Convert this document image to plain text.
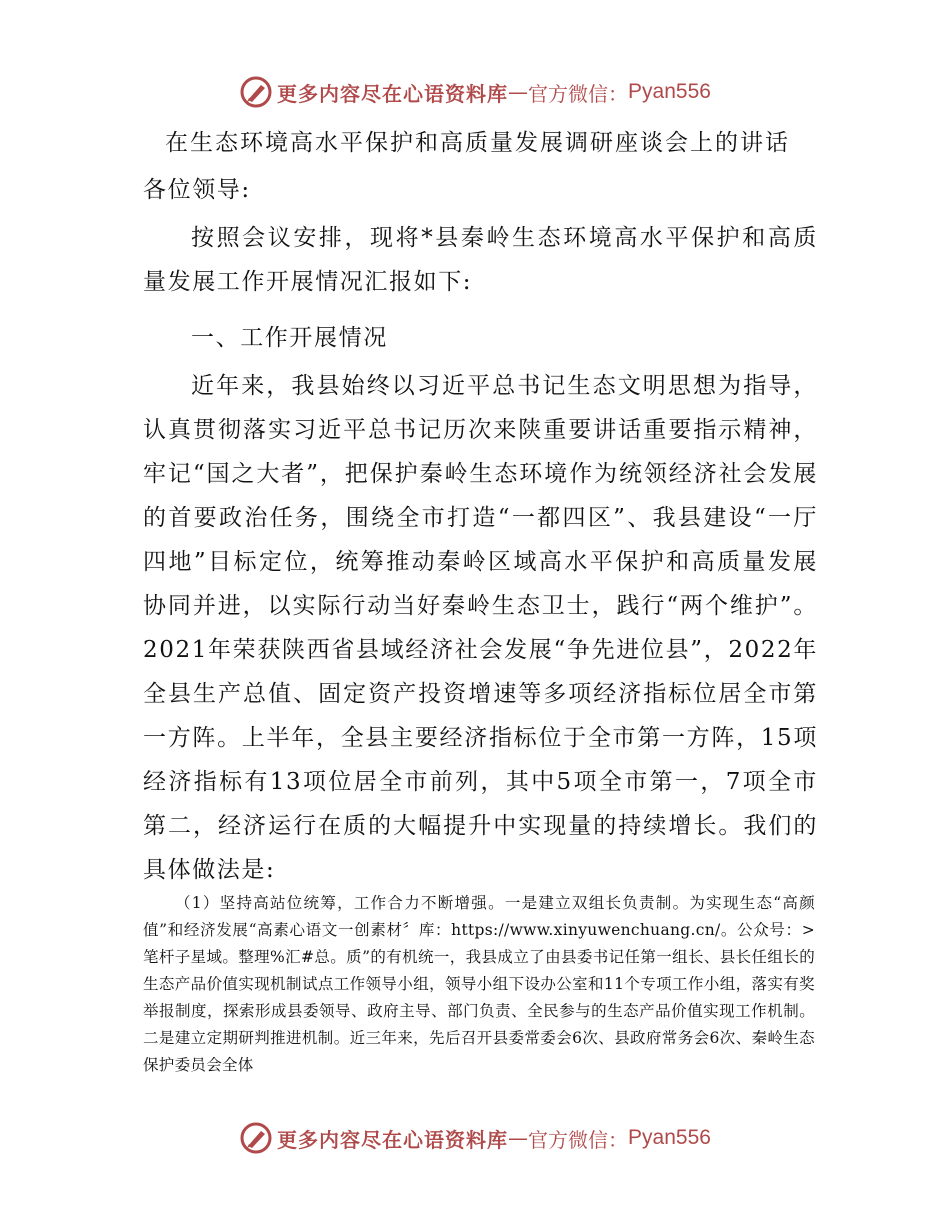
更多内容尽在心语资料库 — 官方微信： Pyan556
在生态环境高水平保护和高质量发展调研座谈会上的讲话
各位领导:
按照会议安排，现将*县秦岭生态环境高水平保护和高质量发展工作开展情况汇报如下:
一、工作开展情况
近年来，我县始终以习近平总书记生态文明思想为指导，认真贯彻落实习近平总书记历次来陕重要讲话重要指示精神，牢记“国之大者”，把保护秦岭生态环境作为统领经济社会发展的首要政治任务，围绕全市打造“一都四区”、我县建设“一厅四地”目标定位，统筹推动秦岭区域高水平保护和高质量发展协同并进，以实际行动当好秦岭生态卫士，践行“两个维护”。2021年荣获陕西省县域经济社会发展“争先进位县”，2022年全县生产总值、固定资产投资增速等多项经济指标位居全市第一方阵。上半年，全县主要经济指标位于全市第一方阵，15项经济指标有13项位居全市前列，其中5项全市第一，7项全市第二，经济运行在质的大幅提升中实现量的持续增长。我们的具体做法是:
（1）坚持高站位统筹，工作合力不断增强。一是建立双组长负责制。为实现生态“高颜值”和经济发展“高素心语文一创素材〞库：https://www.xinyuwenchuang.cn/。公众号：>笔杆子星域。整理%汇#总。质”的有机统一，我县成立了由县委书记任第一组长、县长任组长的生态产品价值实现机制试点工作领导小组，领导小组下设办公室和11个专项工作小组，落实有奖举报制度，探索形成县委领导、政府主导、部门负责、全民参与的生态产品价值实现工作机制。二是建立定期研判推进机制。近三年来，先后召开县委常委会6次、县政府常务会6次、秦岭生态保护委员会全体
更多内容尽在心语资料库 — 官方微信： Pyan556
